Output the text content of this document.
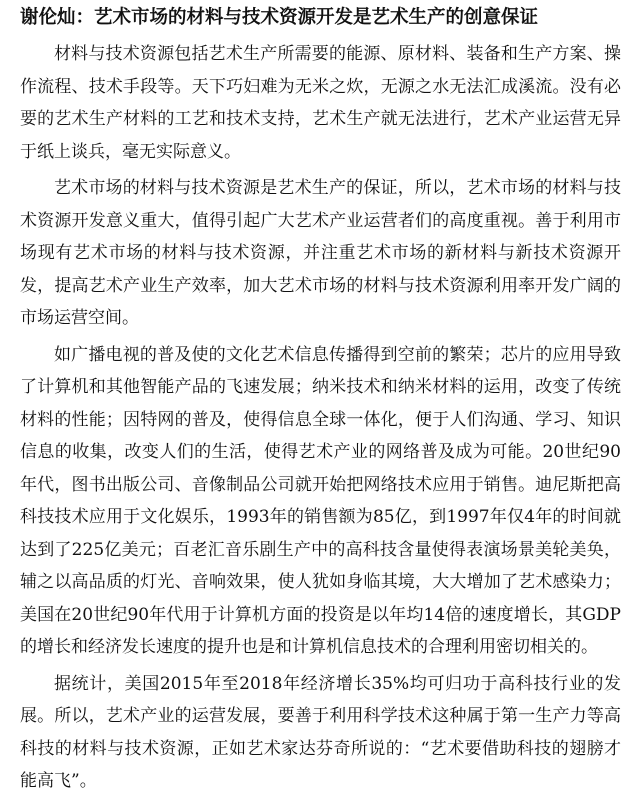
谢伦灿：艺术市场的材料与技术资源开发是艺术生产的创意保证

材料与技术资源包括艺术生产所需要的能源、原材料、装备和生产方案、操作流程、技术手段等。天下巧妇难为无米之炊，无源之水无法汇成溪流。没有必要的艺术生产材料的工艺和技术支持，艺术生产就无法进行，艺术产业运营无异于纸上谈兵，毫无实际意义。

艺术市场的材料与技术资源是艺术生产的保证，所以，艺术市场的材料与技术资源开发意义重大，值得引起广大艺术产业运营者们的高度重视。善于利用市场现有艺术市场的材料与技术资源，并注重艺术市场的新材料与新技术资源开发，提高艺术产业生产效率，加大艺术市场的材料与技术资源利用率开发广阔的市场运营空间。

如广播电视的普及使的文化艺术信息传播得到空前的繁荣；芯片的应用导致了计算机和其他智能产品的飞速发展；纳米技术和纳米材料的运用，改变了传统材料的性能；因特网的普及，使得信息全球一体化，便于人们沟通、学习、知识信息的收集，改变人们的生活，使得艺术产业的网络普及成为可能。20世纪90年代，图书出版公司、音像制品公司就开始把网络技术应用于销售。迪尼斯把高科技技术应用于文化娱乐，1993年的销售额为85亿，到1997年仅4年的时间就达到了225亿美元；百老汇音乐剧生产中的高科技含量使得表演场景美轮美奂，辅之以高品质的灯光、音响效果，使人犹如身临其境，大大增加了艺术感染力；美国在20世纪90年代用于计算机方面的投资是以年均14倍的速度增长，其GDP的增长和经济发长速度的提升也是和计算机信息技术的合理利用密切相关的。

据统计，美国2015年至2018年经济增长35%均可归功于高科技行业的发展。所以，艺术产业的运营发展，要善于利用科学技术这种属于第一生产力等高科技的材料与技术资源，正如艺术家达芬奇所说的：“艺术要借助科技的翅膀才能高飞”。
